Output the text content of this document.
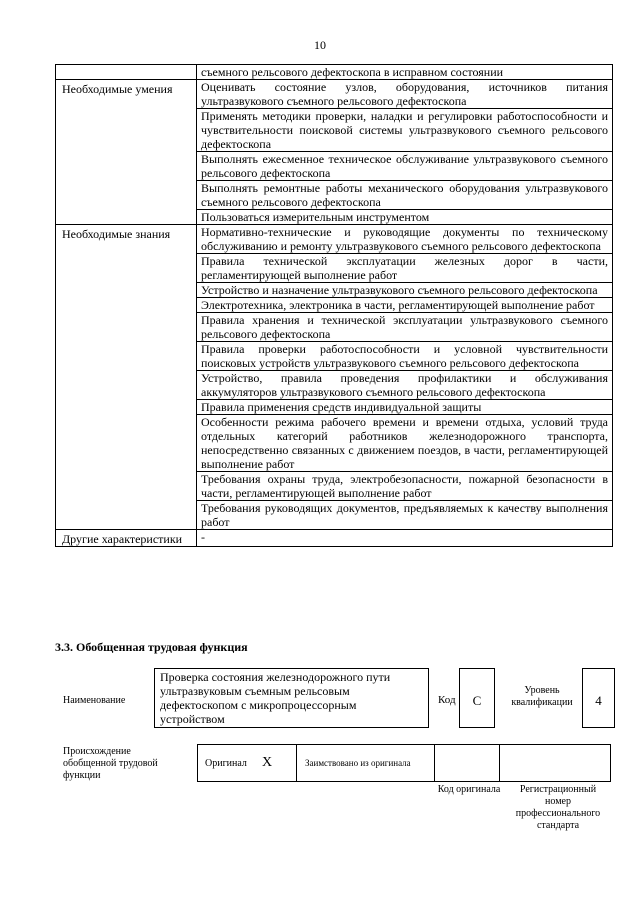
10
	съемного рельсового дефектоскопа в исправном состоянии
Необходимые умения	Оценивать состояние узлов, оборудования, источников питания ультразвукового съемного рельсового дефектоскопа
	Применять методики проверки, наладки и регулировки работоспособности и чувствительности поисковой системы ультразвукового съемного рельсового дефектоскопа
	Выполнять ежесменное техническое обслуживание ультразвукового съемного рельсового дефектоскопа
	Выполнять ремонтные работы механического оборудования ультразвукового съемного рельсового дефектоскопа
	Пользоваться измерительным инструментом
Необходимые знания	Нормативно-технические и руководящие документы по техническому обслуживанию и ремонту ультразвукового съемного рельсового дефектоскопа
	Правила технической эксплуатации железных дорог в части, регламентирующей выполнение работ
	Устройство и назначение ультразвукового съемного рельсового дефектоскопа
	Электротехника, электроника в части, регламентирующей выполнение работ
	Правила хранения и технической эксплуатации ультразвукового съемного рельсового дефектоскопа
	Правила проверки работоспособности и условной чувствительности поисковых устройств ультразвукового съемного рельсового дефектоскопа
	Устройство, правила проведения профилактики и обслуживания аккумуляторов ультразвукового съемного рельсового дефектоскопа
	Правила применения средств индивидуальной защиты
	Особенности режима рабочего времени и времени отдыха, условий труда отдельных категорий работников железнодорожного транспорта, непосредственно связанных с движением поездов, в части, регламентирующей выполнение работ
	Требования охраны труда, электробезопасности, пожарной безопасности в части, регламентирующей выполнение работ
	Требования руководящих документов, предъявляемых к качеству выполнения работ
Другие характеристики	-
3.3. Обобщенная трудовая функция
Наименование
Проверка состояния железнодорожного пути ультразвуковым съемным рельсовым дефектоскопом с микропроцессорным устройством
Код	C
Уровень квалификации	4
Происхождение обобщенной трудовой функции
Оригинал X	Заимствовано из оригинала
Код оригинала	Регистрационный номер профессионального стандарта
